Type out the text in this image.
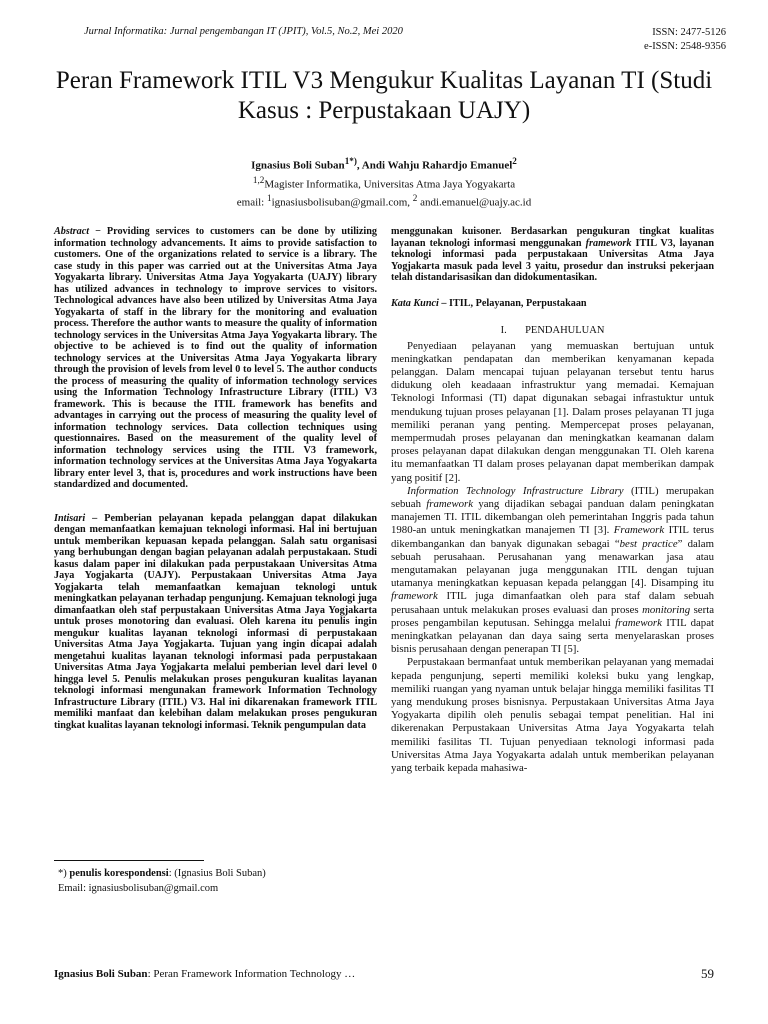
Jurnal Informatika: Jurnal pengembangan IT (JPIT), Vol.5, No.2, Mei 2020	ISSN: 2477-5126
e-ISSN: 2548-9356
Peran Framework ITIL V3 Mengukur Kualitas Layanan TI (Studi Kasus : Perpustakaan UAJY)
Ignasius Boli Suban$^{1*)}$, Andi Wahju Rahardjo Emanuel$^2$
$^{1,2}$Magister Informatika, Universitas Atma Jaya Yogyakarta
email: $^1$ignasiusbolisuban@gmail.com, $^2$ andi.emanuel@uajy.ac.id

Abstract − Providing services to customers can be done by utilizing information technology advancements. It aims to provide satisfaction to customers. One of the organizations related to service is a library. The case study in this paper was carried out at the Universitas Atma Jaya Yogyakarta library. Universitas Atma Jaya Yogyakarta (UAJY) library has utilized advances in technology to improve services to visitors. Technological advances have also been utilized by Universitas Atma Jaya Yogyakarta of staff in the library for the monitoring and evaluation process. Therefore the author wants to measure the quality of information technology services in the Universitas Atma Jaya Yogyakarta library. The objective to be achieved is to find out the quality of information technology services at the Universitas Atma Jaya Yogyakarta library through the provision of levels from level 0 to level 5. The author conducts the process of measuring the quality of information technology services using the Information Technology Infrastructure Library (ITIL) V3 framework. This is because the ITIL framework has benefits and advantages in carrying out the process of measuring the quality level of information technology services. Data collection techniques using questionnaires. Based on the measurement of the quality level of information technology services using the ITIL V3 framework, information technology services at the Universitas Atma Jaya Yogyakarta library enter level 3, that is, procedures and work instructions have been standardized and documented.

Intisari – Pemberian pelayanan kepada pelanggan dapat dilakukan dengan memanfaatkan kemajuan teknologi informasi. Hal ini bertujuan untuk memberikan kepuasan kepada pelanggan. Salah satu organisasi yang berhubungan dengan bagian pelayanan adalah perpustakaan. Studi kasus dalam paper ini dilakukan pada perpustakaan Universitas Atma Jaya Yogjakarta (UAJY). Perpustakaan Universitas Atma Jaya Yogjakarta telah memanfaatkan kemajuan teknologi untuk meningkatkan pelayanan terhadap pengunjung. Kemajuan teknologi juga dimanfaatkan oleh staf perpustakaan Universitas Atma Jaya Yogjakarta untuk proses monotoring dan evaluasi. Oleh karena itu penulis ingin mengukur kualitas layanan teknologi informasi di perpustakaan Universitas Atma Jaya Yogjakarta. Tujuan yang ingin dicapai adalah mengetahui kualitas layanan teknologi informasi pada perpustakaan Universitas Atma Jaya Yogjakarta melalui pemberian level dari level 0 hingga level 5. Penulis melakukan proses pengukuran kualitas layanan teknologi informasi mengunakan framework Information Technology Infrastructure Library (ITIL) V3. Hal ini dikarenakan framework ITIL memiliki manfaat dan kelebihan dalam melakukan proses pengukuran tingkat kualitas layanan teknologi informasi. Teknik pengumpulan data

*) penulis korespondensi: (Ignasius Boli Suban)
Email: ignasiusbolisuban@gmail.com

menggunakan kuisoner. Berdasarkan pengukuran tingkat kualitas layanan teknologi informasi menggunakan framework ITIL V3, layanan teknologi informasi pada perpustakaan Universitas Atma Jaya Yogjakarta masuk pada level 3 yaitu, prosedur dan instruksi pekerjaan telah distandarisasikan dan didokumentasikan.

Kata Kunci – ITIL, Pelayanan, Perpustakaan

I. PENDAHULUAN

Penyediaan pelayanan yang memuaskan bertujuan untuk meningkatkan pendapatan dan memberikan kenyamanan kepada pelanggan. Dalam mencapai tujuan pelayanan tersebut tentu harus didukung oleh keadaaan infrastruktur yang memadai. Kemajuan Teknologi Informasi (TI) dapat digunakan sebagai infrastuktur untuk mendukung tujuan proses pelayanan [1]. Dalam proses pelayanan TI juga memiliki peranan yang penting. Mempercepat proses pelayanan, mempermudah proses pelayanan dan meningkatkan keamanan dalam proses pelayanan dapat dilakukan dengan menggunakan TI. Oleh karena itu memanfaatkan TI dalam proses pelayanan dapat memberikan dampak yang positif [2].

Information Technology Infrastructure Library (ITIL) merupakan sebuah framework yang dijadikan sebagai panduan dalam peningkatan manajemen TI. ITIL dikembangan oleh pemerintahan Inggris pada tahun 1980-an untuk meningkatkan manajemen TI [3]. Framework ITIL terus dikembangankan dan banyak digunakan sebagai “best practice” dalam sebuah perusahaan. Perusahanan yang menawarkan jasa atau mengutamakan pelayanan juga menggunakan ITIL dengan tujuan utamanya meningkatkan kepuasan kepada pelanggan [4]. Disamping itu framework ITIL juga dimanfaatkan oleh para staf dalam sebuah perusahaan untuk melakukan proses evaluasi dan proses monitoring serta proses pengambilan keputusan. Sehingga melalui framework ITIL dapat meningkatkan pelayanan dan daya saing serta menyelaraskan proses bisnis perusahaan dengan penerapan TI [5].

Perpustakaan bermanfaat untuk memberikan pelayanan yang memadai kepada pengunjung, seperti memiliki koleksi buku yang lengkap, memiliki ruangan yang nyaman untuk belajar hingga memiliki fasilitas TI yang mendukung proses bisnisnya. Perpustakaan Universitas Atma Jaya Yogyakarta dipilih oleh penulis sebagai tempat penelitian. Hal ini dikerenakan Perpustakaan Universitas Atma Jaya Yogyakarta telah memiliki fasilitas TI. Tujuan penyediaan teknologi informasi pada Universitas Atma Jaya Yogyakarta adalah untuk memberikan pelayanan yang terbaik kepada mahasiwa-

Ignasius Boli Suban: Peran Framework Information Technology …	59
